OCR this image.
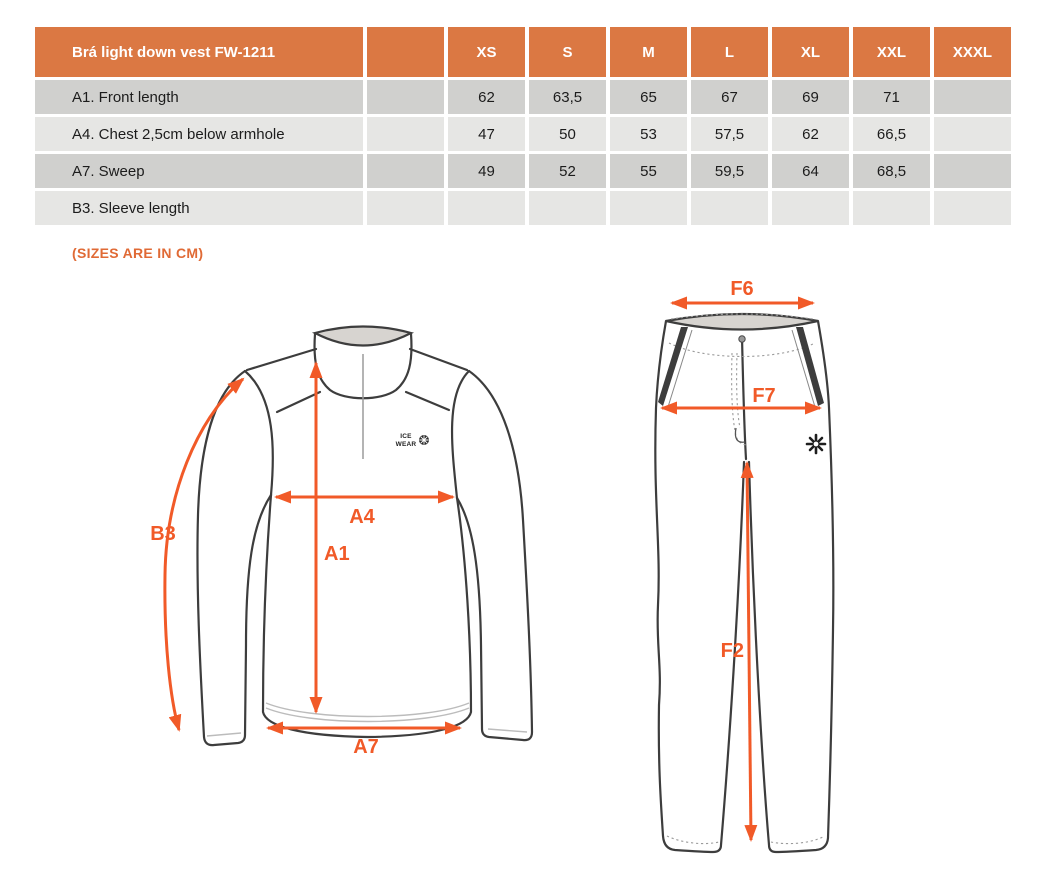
Brá light down vest FW-1211	XS	S	M	L	XL	XXL	XXXL
A1. Front length	62	63,5	65	67	69	71
A4. Chest 2,5cm below armhole	47	50	53	57,5	62	66,5
A7. Sweep	49	52	55	59,5	64	68,5
B3. Sleeve length
(SIZES ARE IN CM)
ICE
WEAR
B3
A4
A1
A7
F6
F7
F2
